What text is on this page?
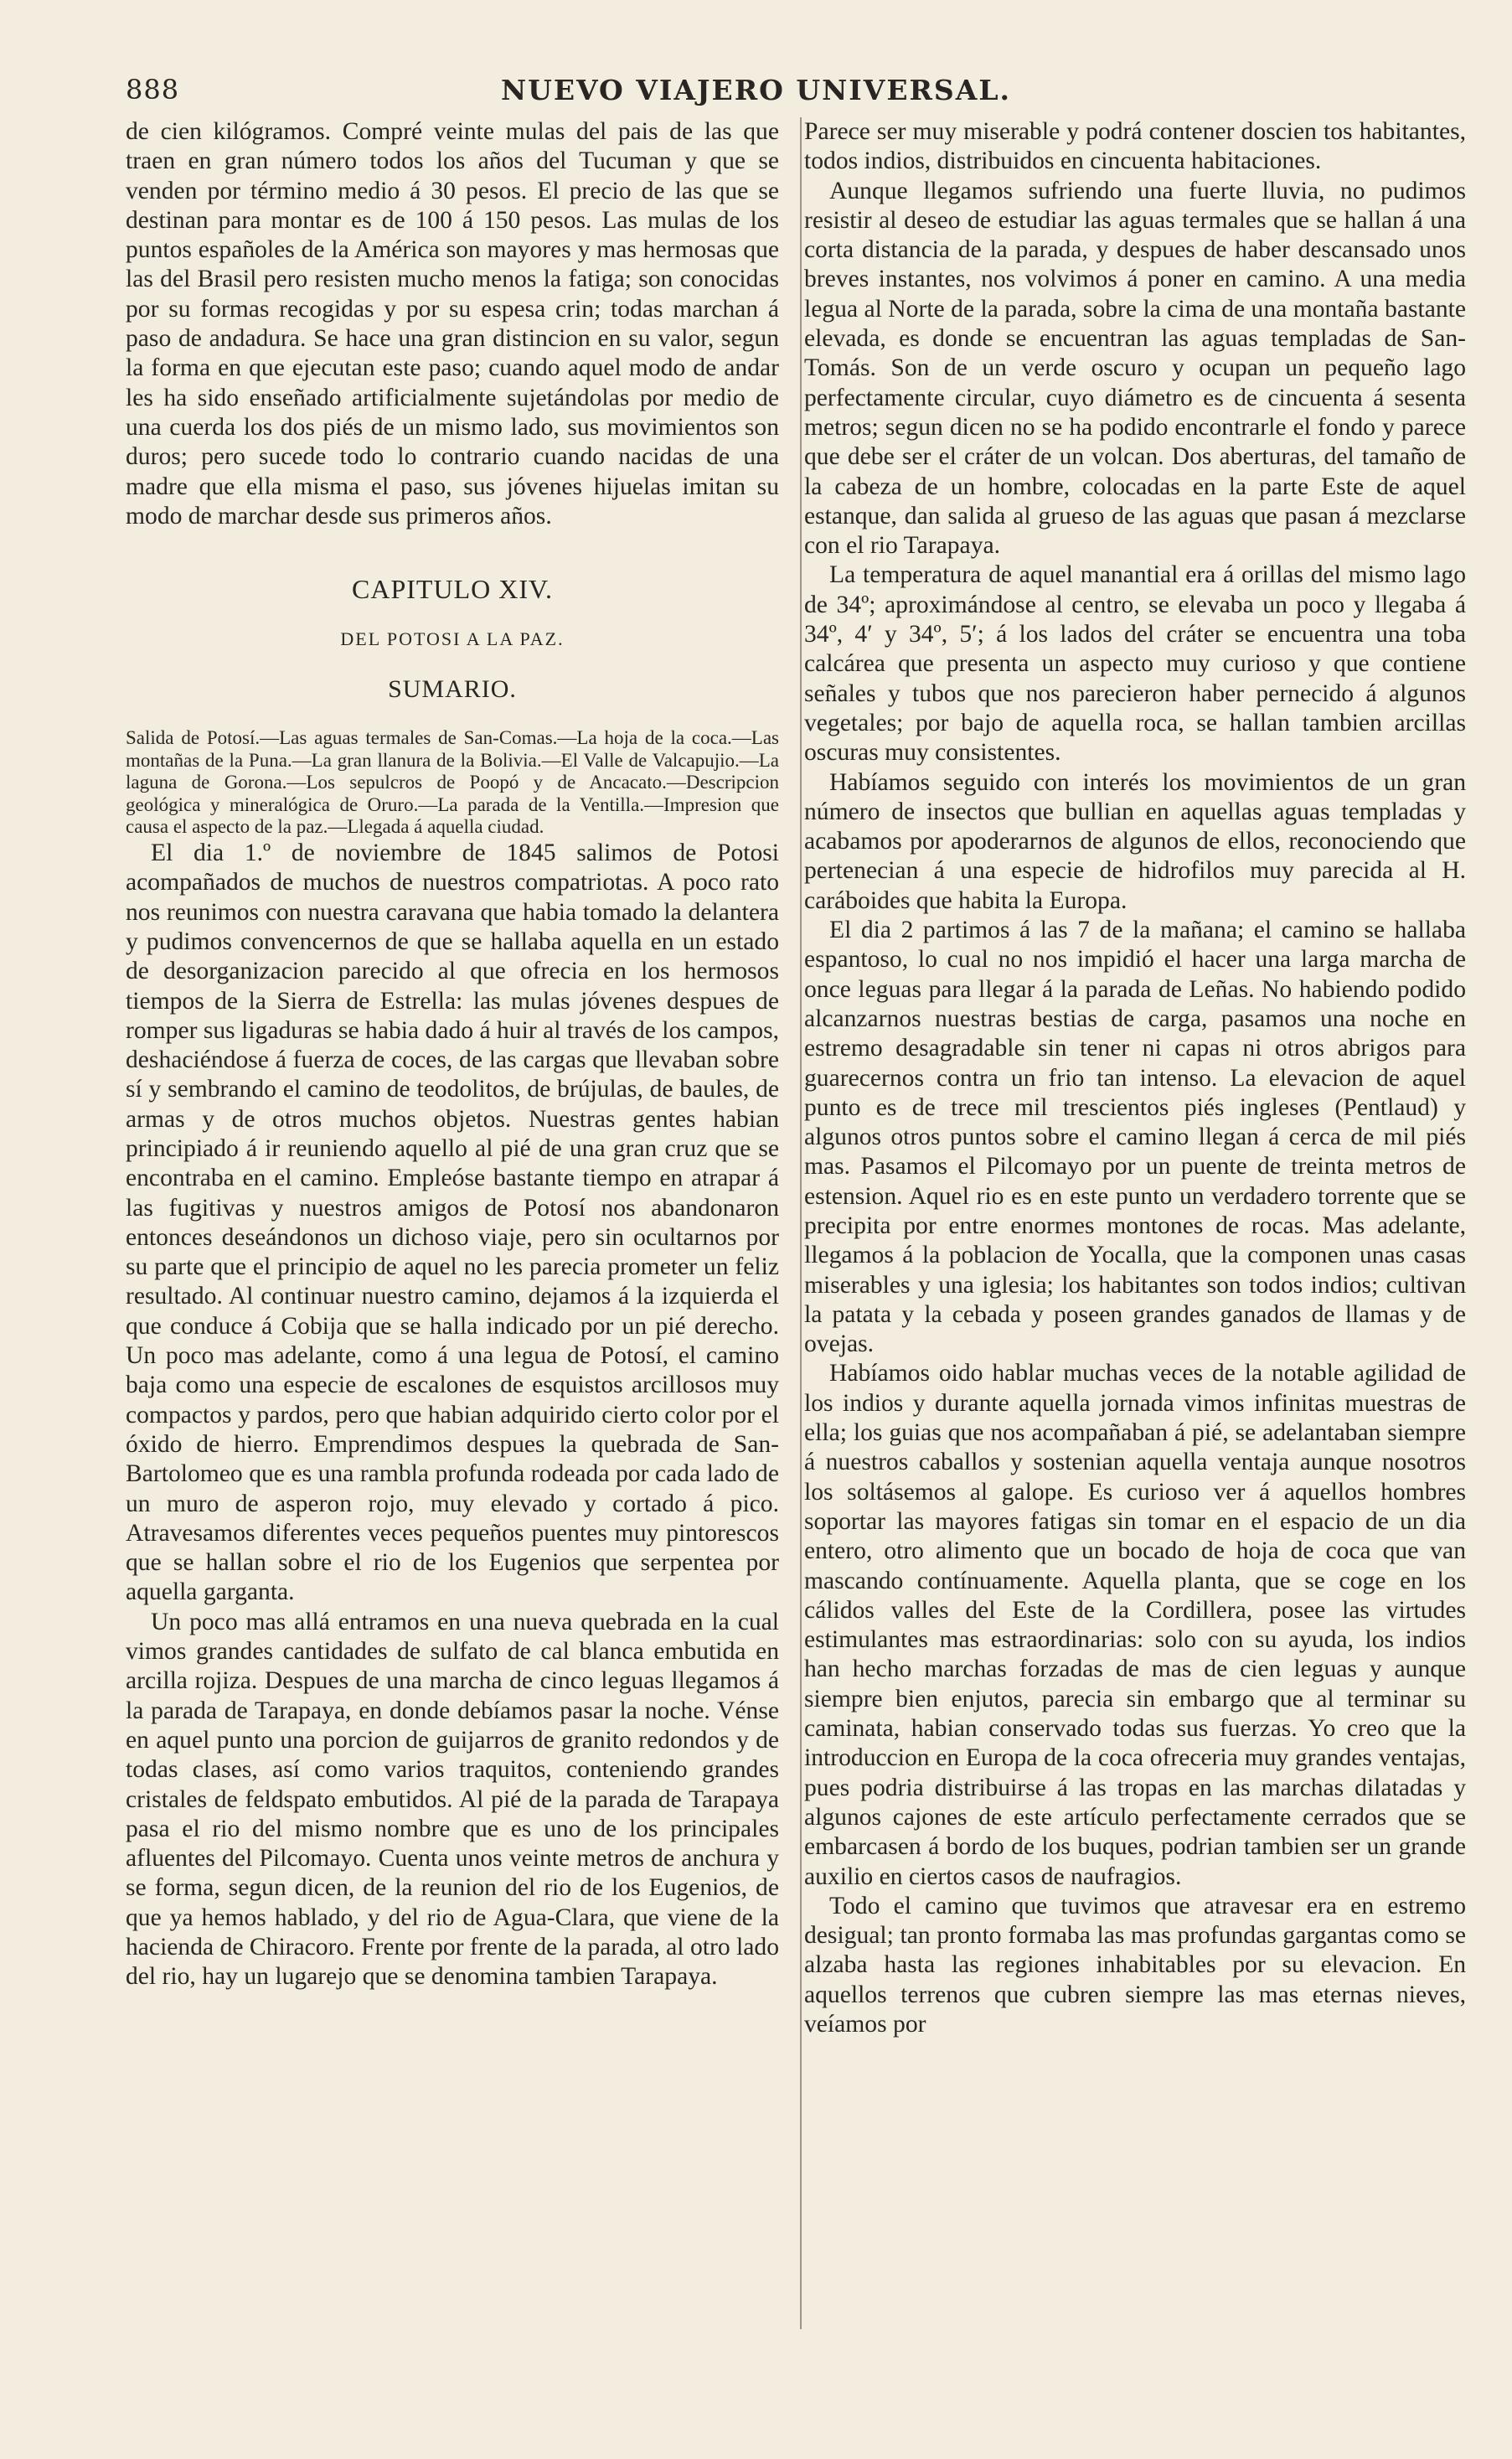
888	NUEVO VIAJERO UNIVERSAL.

de cien kilógramos. Compré veinte mulas del pais de las que traen en gran número todos los años del Tucuman y que se venden por término medio á 30 pesos. El precio de las que se destinan para montar es de 100 á 150 pesos. Las mulas de los puntos españoles de la América son mayores y mas hermosas que las del Brasil pero resisten mucho menos la fatiga; son conocidas por su formas recogidas y por su espesa crin; todas marchan á paso de andadura. Se hace una gran distincion en su valor, segun la forma en que ejecutan este paso; cuando aquel modo de andar les ha sido enseñado artificialmente sujetándolas por medio de una cuerda los dos piés de un mismo lado, sus movimientos son duros; pero sucede todo lo contrario cuando nacidas de una madre que ella misma el paso, sus jóvenes hijuelas imitan su modo de marchar desde sus primeros años.

CAPITULO XIV.
DEL POTOSI A LA PAZ.
SUMARIO.

Salida de Potosí.—Las aguas termales de San-Comas.—La hoja de la coca.—Las montañas de la Puna.—La gran llanura de la Bolivia.—El Valle de Valcapujio.—La laguna de Gorona.—Los sepulcros de Poopó y de Ancacato.—Descripcion geológica y mineralógica de Oruro.—La parada de la Ventilla.—Impresion que causa el aspecto de la paz.—Llegada á aquella ciudad.

El dia 1.º de noviembre de 1845 salimos de Potosi acompañados de muchos de nuestros compatriotas. A poco rato nos reunimos con nuestra caravana que habia tomado la delantera y pudimos convencernos de que se hallaba aquella en un estado de desorganizacion parecido al que ofrecia en los hermosos tiempos de la Sierra de Estrella: las mulas jóvenes despues de romper sus ligaduras se habia dado á huir al través de los campos, deshaciéndose á fuerza de coces, de las cargas que llevaban sobre sí y sembrando el camino de teodolitos, de brújulas, de baules, de armas y de otros muchos objetos. Nuestras gentes habian principiado á ir reuniendo aquello al pié de una gran cruz que se encontraba en el camino. Empleóse bastante tiempo en atrapar á las fugitivas y nuestros amigos de Potosí nos abandonaron entonces deseándonos un dichoso viaje, pero sin ocultarnos por su parte que el principio de aquel no les parecia prometer un feliz resultado. Al continuar nuestro camino, dejamos á la izquierda el que conduce á Cobija que se halla indicado por un pié derecho. Un poco mas adelante, como á una legua de Potosí, el camino baja como una especie de escalones de esquistos arcillosos muy compactos y pardos, pero que habian adquirido cierto color por el óxido de hierro. Emprendimos despues la quebrada de San-Bartolomeo que es una rambla profunda rodeada por cada lado de un muro de asperon rojo, muy elevado y cortado á pico. Atravesamos diferentes veces pequeños puentes muy pintorescos que se hallan sobre el rio de los Eugenios que serpentea por aquella garganta.

Un poco mas allá entramos en una nueva quebrada en la cual vimos grandes cantidades de sulfato de cal blanca embutida en arcilla rojiza. Despues de una marcha de cinco leguas llegamos á la parada de Tarapaya, en donde debíamos pasar la noche. Vénse en aquel punto una porcion de guijarros de granito redondos y de todas clases, así como varios traquitos, conteniendo grandes cristales de feldspato embutidos. Al pié de la parada de Tarapaya pasa el rio del mismo nombre que es uno de los principales afluentes del Pilcomayo. Cuenta unos veinte metros de anchura y se forma, segun dicen, de la reunion del rio de los Eugenios, de que ya hemos hablado, y del rio de Agua-Clara, que viene de la hacienda de Chiracoro. Frente por frente de la parada, al otro lado del rio, hay un lugarejo que se denomina tambien Tarapaya.

Parece ser muy miserable y podrá contener doscien tos habitantes, todos indios, distribuidos en cincuenta habitaciones.

Aunque llegamos sufriendo una fuerte lluvia, no pudimos resistir al deseo de estudiar las aguas termales que se hallan á una corta distancia de la parada, y despues de haber descansado unos breves instantes, nos volvimos á poner en camino. A una media legua al Norte de la parada, sobre la cima de una montaña bastante elevada, es donde se encuentran las aguas templadas de San-Tomás. Son de un verde oscuro y ocupan un pequeño lago perfectamente circular, cuyo diámetro es de cincuenta á sesenta metros; segun dicen no se ha podido encontrarle el fondo y parece que debe ser el cráter de un volcan. Dos aberturas, del tamaño de la cabeza de un hombre, colocadas en la parte Este de aquel estanque, dan salida al grueso de las aguas que pasan á mezclarse con el rio Tarapaya.

La temperatura de aquel manantial era á orillas del mismo lago de 34º; aproximándose al centro, se elevaba un poco y llegaba á 34º, 4′ y 34º, 5′; á los lados del cráter se encuentra una toba calcárea que presenta un aspecto muy curioso y que contiene señales y tubos que nos parecieron haber pernecido á algunos vegetales; por bajo de aquella roca, se hallan tambien arcillas oscuras muy consistentes.

Habíamos seguido con interés los movimientos de un gran número de insectos que bullian en aquellas aguas templadas y acabamos por apoderarnos de algunos de ellos, reconociendo que pertenecian á una especie de hidrofilos muy parecida al H. caráboides que habita la Europa.

El dia 2 partimos á las 7 de la mañana; el camino se hallaba espantoso, lo cual no nos impidió el hacer una larga marcha de once leguas para llegar á la parada de Leñas. No habiendo podido alcanzarnos nuestras bestias de carga, pasamos una noche en estremo desagradable sin tener ni capas ni otros abrigos para guarecernos contra un frio tan intenso. La elevacion de aquel punto es de trece mil trescientos piés ingleses (Pentlaud) y algunos otros puntos sobre el camino llegan á cerca de mil piés mas. Pasamos el Pilcomayo por un puente de treinta metros de estension. Aquel rio es en este punto un verdadero torrente que se precipita por entre enormes montones de rocas. Mas adelante, llegamos á la poblacion de Yocalla, que la componen unas casas miserables y una iglesia; los habitantes son todos indios; cultivan la patata y la cebada y poseen grandes ganados de llamas y de ovejas.

Habíamos oido hablar muchas veces de la notable agilidad de los indios y durante aquella jornada vimos infinitas muestras de ella; los guias que nos acompañaban á pié, se adelantaban siempre á nuestros caballos y sostenian aquella ventaja aunque nosotros los soltásemos al galope. Es curioso ver á aquellos hombres soportar las mayores fatigas sin tomar en el espacio de un dia entero, otro alimento que un bocado de hoja de coca que van mascando contínuamente. Aquella planta, que se coge en los cálidos valles del Este de la Cordillera, posee las virtudes estimulantes mas estraordinarias: solo con su ayuda, los indios han hecho marchas forzadas de mas de cien leguas y aunque siempre bien enjutos, parecia sin embargo que al terminar su caminata, habian conservado todas sus fuerzas. Yo creo que la introduccion en Europa de la coca ofreceria muy grandes ventajas, pues podria distribuirse á las tropas en las marchas dilatadas y algunos cajones de este artículo perfectamente cerrados que se embarcasen á bordo de los buques, podrian tambien ser un grande auxilio en ciertos casos de naufragios.

Todo el camino que tuvimos que atravesar era en estremo desigual; tan pronto formaba las mas profundas gargantas como se alzaba hasta las regiones inhabitables por su elevacion. En aquellos terrenos que cubren siempre las mas eternas nieves, veíamos por
